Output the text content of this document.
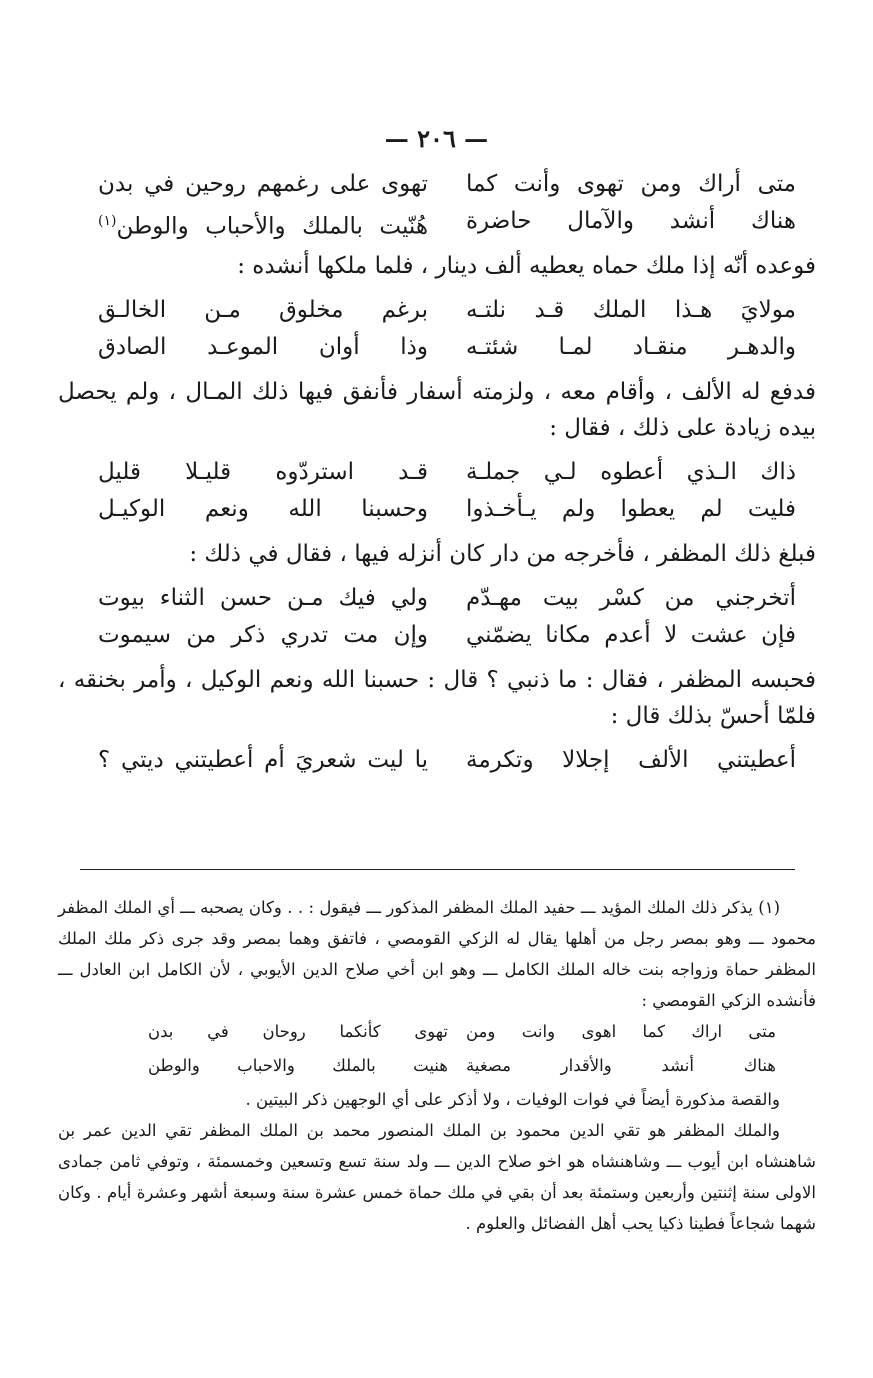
— ٢٠٦ —
متى أراك ومن تهوى وأنت كما
تهوى على رغمهم روحين في بدن
هناك أنشد والآمال حاضرة
هُنّيت بالملك والأحباب والوطن$^{(١)}$

فوعده أنّه إذا ملك حماه يعطيه ألف دينار ، فلما ملكها أنشده :

مولايَ هـذا الملك قـد نلتـه
برغم مخلوق مـن الخالـق
والدهـر منقـاد لمـا شئتـه
وذا أوان الموعـد الصادق

فدفع له الألف ، وأقام معه ، ولزمته أسفار فأنفق فيها ذلك المـال ، ولم يحصل بيده زيادة على ذلك ، فقال :

ذاك الـذي أعطوه لـي جملـة
قـد استردّوه قليـلا قليل
فليت لم يعطوا ولم يـأخـذوا
وحسبنا الله ونعم الوكيـل

فبلغ ذلك المظفر ، فأخرجه من دار كان أنزله فيها ، فقال في ذلك :

أتخرجني من كسْر بيت مهـدّم
ولي فيك مـن حسن الثناء بيوت
فإن عشت لا أعدم مكانا يضمّني
وإن مت تدري ذكر من سيموت

فحبسه المظفر ، فقال : ما ذنبي ؟ قال : حسبنا الله ونعم الوكيل ، وأمر بخنقه ، فلمّا أحسّ بذلك قال :

أعطيتني الألف إجلالا وتكرمة
يا ليت شعريَ أم أعطيتني ديتي ؟

(١) يذكر ذلك الملك المؤيد ـــ حفيد الملك المظفر المذكور ـــ فيقول : . . وكان يصحبه ـــ أي الملك المظفر محمود ـــ وهو بمصر رجل من أهلها يقال له الزكي القومصي ، فاتفق وهما بمصر وقد جرى ذكر ملك الملك المظفر حماة وزواجه بنت خاله الملك الكامل ـــ وهو ابن أخي صلاح الدين الأيوبي ، لأن الكامل ابن العادل ـــ فأنشده الزكي القومصي :

متى اراك كما اهوى وانت ومن
تهوى كأنكما روحان في بدن
هناك أنشد والأقدار مصغية
هنيت بالملك والاحباب والوطن

والقصة مذكورة أيضاً في فوات الوفيات ، ولا أذكر على أي الوجهين ذكر البيتين .

والملك المظفر هو تقي الدين محمود بن الملك المنصور محمد بن الملك المظفر تقي الدين عمر بن شاهنشاه ابن أيوب ـــ وشاهنشاه هو اخو صلاح الدين ـــ ولد سنة تسع وتسعين وخمسمئة ، وتوفي ثامن جمادى الاولى سنة إثنتين وأربعين وستمئة بعد أن بقي في ملك حماة خمس عشرة سنة وسبعة أشهر وعشرة أيام . وكان شهما شجاعاً فطينا ذكيا يحب أهل الفضائل والعلوم .
